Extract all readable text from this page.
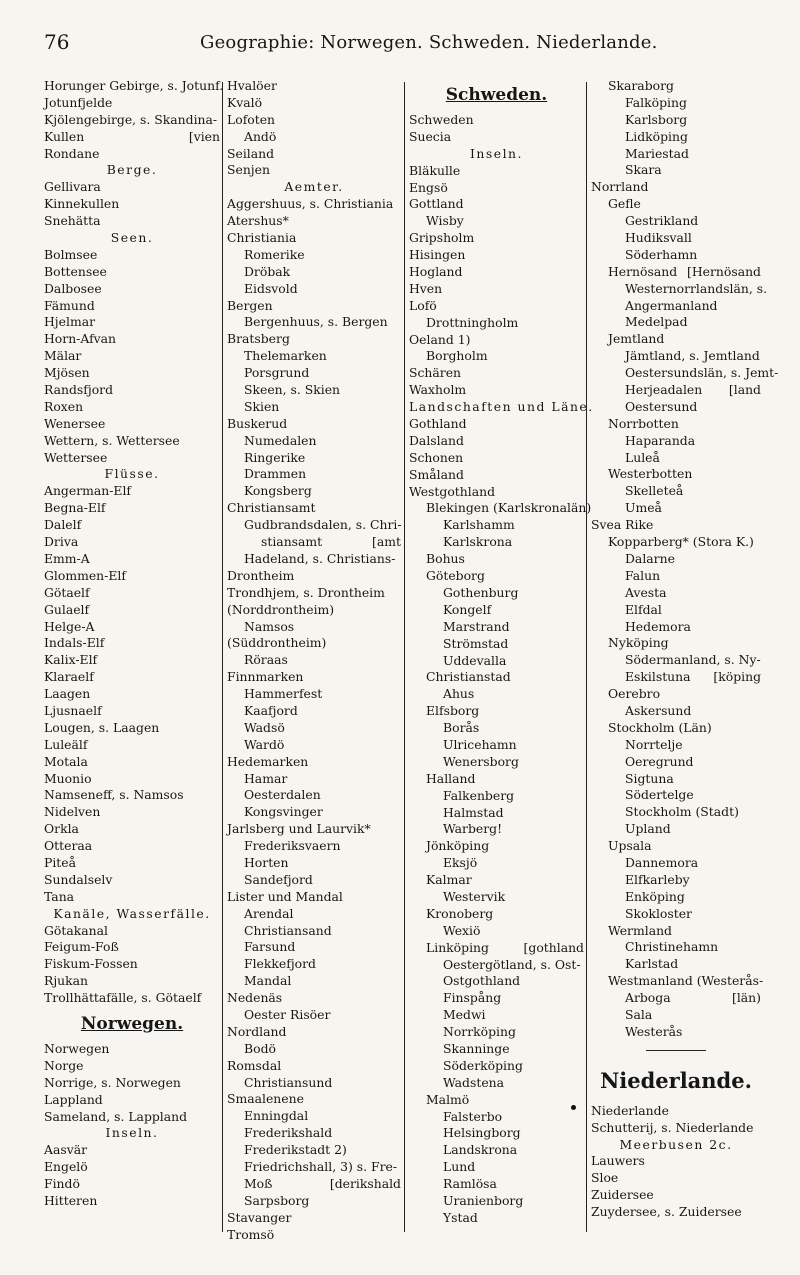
76	Geographie: Norwegen. Schweden. Niederlande.
Horunger Gebirge, s. Jotunf.
Jotunfjelde
Kjölengebirge, s. Skandina-
Kullen	[vien
Rondane
Berge.
Gellivara
Kinnekullen
Snehätta
Seen.
Bolmsee
Bottensee
Dalbosee
Fämund
Hjelmar
Horn-Afvan
Mälar
Mjösen
Randsfjord
Roxen
Wenersee
Wettern, s. Wettersee
Wettersee
Flüsse.
Angerman-Elf
Begna-Elf
Dalelf
Driva
Emm-A
Glommen-Elf
Götaelf
Gulaelf
Helge-A
Indals-Elf
Kalix-Elf
Klaraelf
Laagen
Ljusnaelf
Lougen, s. Laagen
Luleälf
Motala
Muonio
Namseneff, s. Namsos
Nidelven
Orkla
Otteraa
Piteå
Sundalselv
Tana
Kanäle, Wasserfälle.
Götakanal
Feigum-Foß
Fiskum-Fossen
Rjukan
Trollhättafälle, s. Götaelf
Norwegen.
Norwegen
Norge
Norrige, s. Norwegen
Lappland
Sameland, s. Lappland
Inseln.
Aasvär
Engelö
Findö
Hitteren
Hvalöer
Kvalö
Lofoten
Andö
Seiland
Senjen
Aemter.
Aggershuus, s. Christiania
Atershus*
Christiania
Romerike
Dröbak
Eidsvold
Bergen
Bergenhuus, s. Bergen
Bratsberg
Thelemarken
Porsgrund
Skeen, s. Skien
Skien
Buskerud
Numedalen
Ringerike
Drammen
Kongsberg
Christiansamt
Gudbrandsdalen, s. Chri-
stiansamt	[amt
Hadeland, s. Christians-
Drontheim
Trondhjem, s. Drontheim
(Norddrontheim)
Namsos
(Süddrontheim)
Röraas
Finnmarken
Hammerfest
Kaafjord
Wadsö
Wardö
Hedemarken
Hamar
Oesterdalen
Kongsvinger
Jarlsberg und Laurvik*
Frederiksvaern
Horten
Sandefjord
Lister und Mandal
Arendal
Christiansand
Farsund
Flekkefjord
Mandal
Nedenäs
Oester Risöer
Nordland
Bodö
Romsdal
Christiansund
Smaalenene
Enningdal
Frederikshald
Frederikstadt 2)
Friedrichshall, 3) s. Fre-
Moß	[derikshald
Sarpsborg
Stavanger
Tromsö
Schweden.
Schweden
Suecia
Inseln.
Bläkulle
Engsö
Gottland
Wisby
Gripsholm
Hisingen
Hogland
Hven
Lofö
Drottningholm
Oeland 1)
Borgholm
Schären
Waxholm
Landschaften und Läne.
Gothland
Dalsland
Schonen
Småland
Westgothland
Blekingen (Karlskronalän)
Karlshamm
Karlskrona
Bohus
Göteborg
Gothenburg
Kongelf
Marstrand
Strömstad
Uddevalla
Christianstad
Ahus
Elfsborg
Borås
Ulricehamn
Wenersborg
Halland
Falkenberg
Halmstad
Warberg!
Jönköping
Eksjö
Kalmar
Westervik
Kronoberg
Wexiö
Linköping	[gothland
Oestergötland, s. Ost-
Ostgothland
Finspång
Medwi
Norrköping
Skanninge
Söderköping
Wadstena
Malmö
Falsterbo
Helsingborg
Landskrona
Lund
Ramlösa
Uranienborg
Ystad
Skaraborg
Falköping
Karlsborg
Lidköping
Mariestad
Skara
Norrland
Gefle
Gestrikland
Hudiksvall
Söderhamn
Hernösand [Hernösand
Westernorrlandslän, s.
Angermanland
Medelpad
Jemtland
Jämtland, s. Jemtland
Oestersundslän, s. Jemt-
Herjeadalen [land
Oestersund
Norrbotten
Haparanda
Luleå
Westerbotten
Skelleteå
Umeå
Svea Rike
Kopparberg* (Stora K.)
Dalarne
Falun
Avesta
Elfdal
Hedemora
Nyköping
Södermanland, s. Ny-
Eskilstuna [köping
Oerebro
Askersund
Stockholm (Län)
Norrtelje
Oeregrund
Sigtuna
Södertelge
Stockholm (Stadt)
Upland
Upsala
Dannemora
Elfkarleby
Enköping
Skokloster
Wermland
Christinehamn
Karlstad
Westmanland (Westerås-
Arboga	[län)
Sala
Westerås
Niederlande.
Niederlande
Schutterij, s. Niederlande
Meerbusen 2c.
Lauwers
Sloe
Zuidersee
Zuydersee, s. Zuidersee
